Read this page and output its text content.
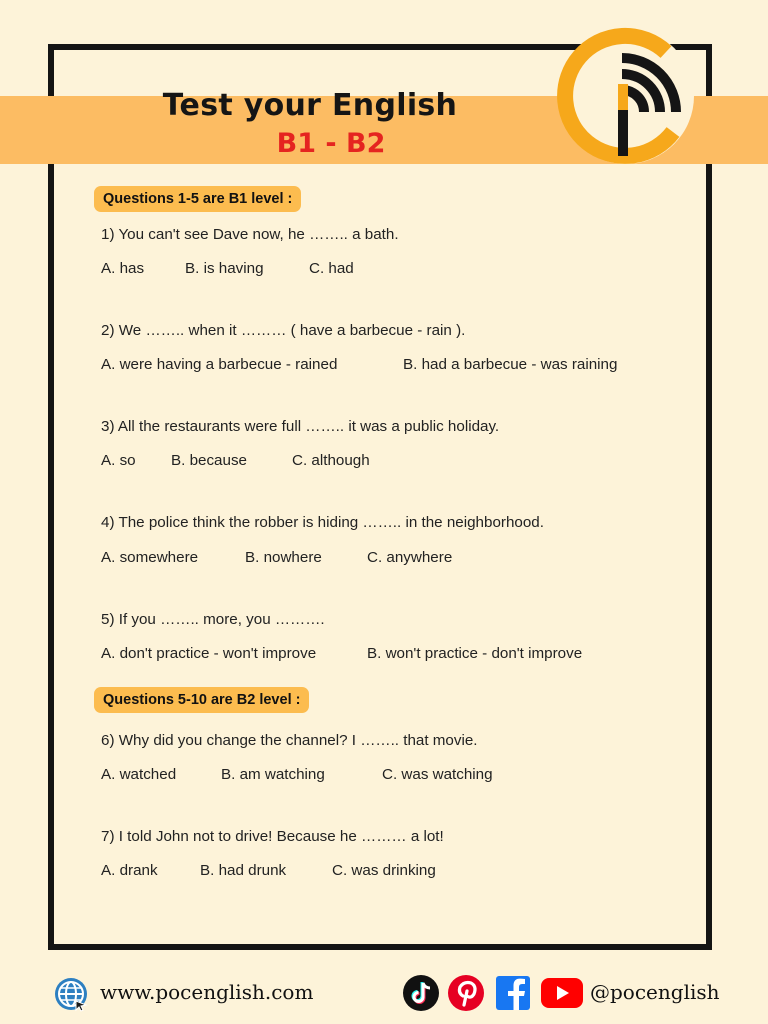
Test your English
B1 - B2
Questions 1-5 are B1 level :
1) You can't see Dave now, he …….. a bath.
A. has	B. is having	C. had
2) We …….. when it ……… ( have a barbecue - rain ).
A. were having a barbecue - rained	B. had a barbecue - was raining
3) All the restaurants were full …….. it was a public holiday.
A. so B. because	C. although
4) The police think the robber is hiding …….. in the neighborhood.
A. somewhere	B. nowhere	C. anywhere
5) If you …….. more, you ……….
A. don't practice - won't improve	B. won't practice - don't improve
Questions 5-10 are B2 level :
6) Why did you change the channel? I …….. that movie.
A. watched	B. am watching	C. was watching
7) I told John not to drive! Because he ……… a lot!
A. drank	B. had drunk	C. was drinking
www.pocenglish.com	@pocenglish
